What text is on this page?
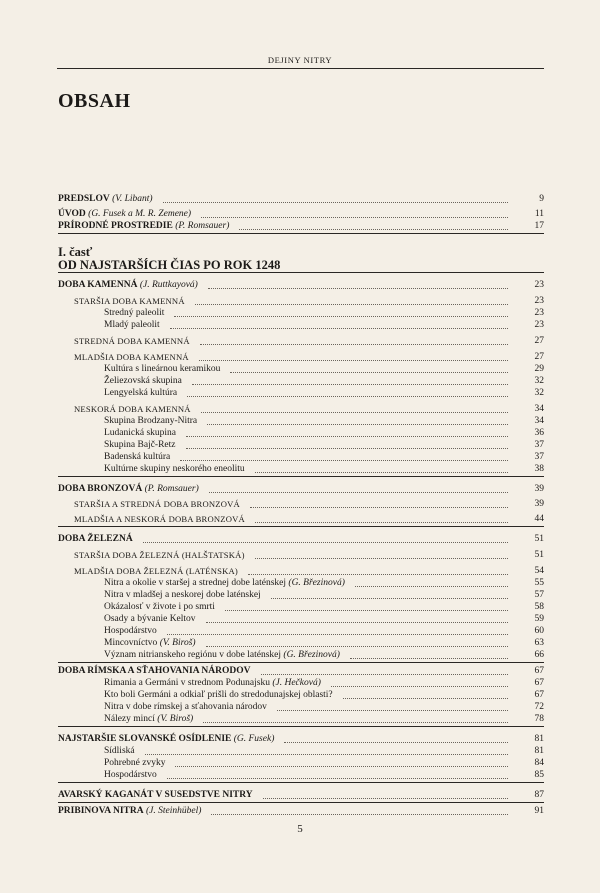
DEJINY NITRY
OBSAH
I. časť
OD NAJSTARŠÍCH ČIAS PO ROK 1248
PREDSLOV (V. Libant)	9
ÚVOD (G. Fusek a M. R. Zemene)	11
PRÍRODNÉ PROSTREDIE (P. Romsauer)	17
DOBA KAMENNÁ (J. Ruttkayová)	23
STARŠIA DOBA KAMENNÁ	23
Stredný paleolit	23
Mladý paleolit	23
STREDNÁ DOBA KAMENNÁ	27
MLADŠIA DOBA KAMENNÁ	27
Kultúra s lineárnou keramikou	29
Želiezovská skupina	32
Lengyelská kultúra	32
NESKORÁ DOBA KAMENNÁ	34
Skupina Brodzany-Nitra	34
Ludanická skupina	36
Skupina Bajč-Retz	37
Badenská kultúra	37
Kultúrne skupiny neskorého eneolitu	38
DOBA BRONZOVÁ (P. Romsauer)	39
STARŠIA A STREDNÁ DOBA BRONZOVÁ	39
MLADŠIA A NESKORÁ DOBA BRONZOVÁ	44
DOBA ŽELEZNÁ	51
STARŠIA DOBA ŽELEZNÁ (HALŠTATSKÁ)	51
MLADŠIA DOBA ŽELEZNÁ (LATÉNSKA)	54
Nitra a okolie v staršej a strednej dobe laténskej (G. Březinová)	55
Nitra v mladšej a neskorej dobe laténskej	57
Okázalosť v živote i po smrti	58
Osady a bývanie Keltov	59
Hospodárstvo	60
Mincovníctvo (V. Biroš)	63
Význam nitrianskeho regiónu v dobe laténskej (G. Březinová)	66
DOBA RÍMSKA A SŤAHOVANIA NÁRODOV	67
Rimania a Germáni v strednom Podunajsku (J. Hečková)	67
Kto boli Germáni a odkiaľ prišli do stredodunajskej oblasti?	67
Nitra v dobe rímskej a sťahovania národov	72
Nálezy mincí (V. Biroš)	78
NAJSTARŠIE SLOVANSKÉ OSÍDLENIE (G. Fusek)	81
Sídliská	81
Pohrebné zvyky	84
Hospodárstvo	85
AVARSKÝ KAGANÁT V SUSEDSTVE NITRY	87
PRIBINOVA NITRA (J. Steinhübel)	91
5
